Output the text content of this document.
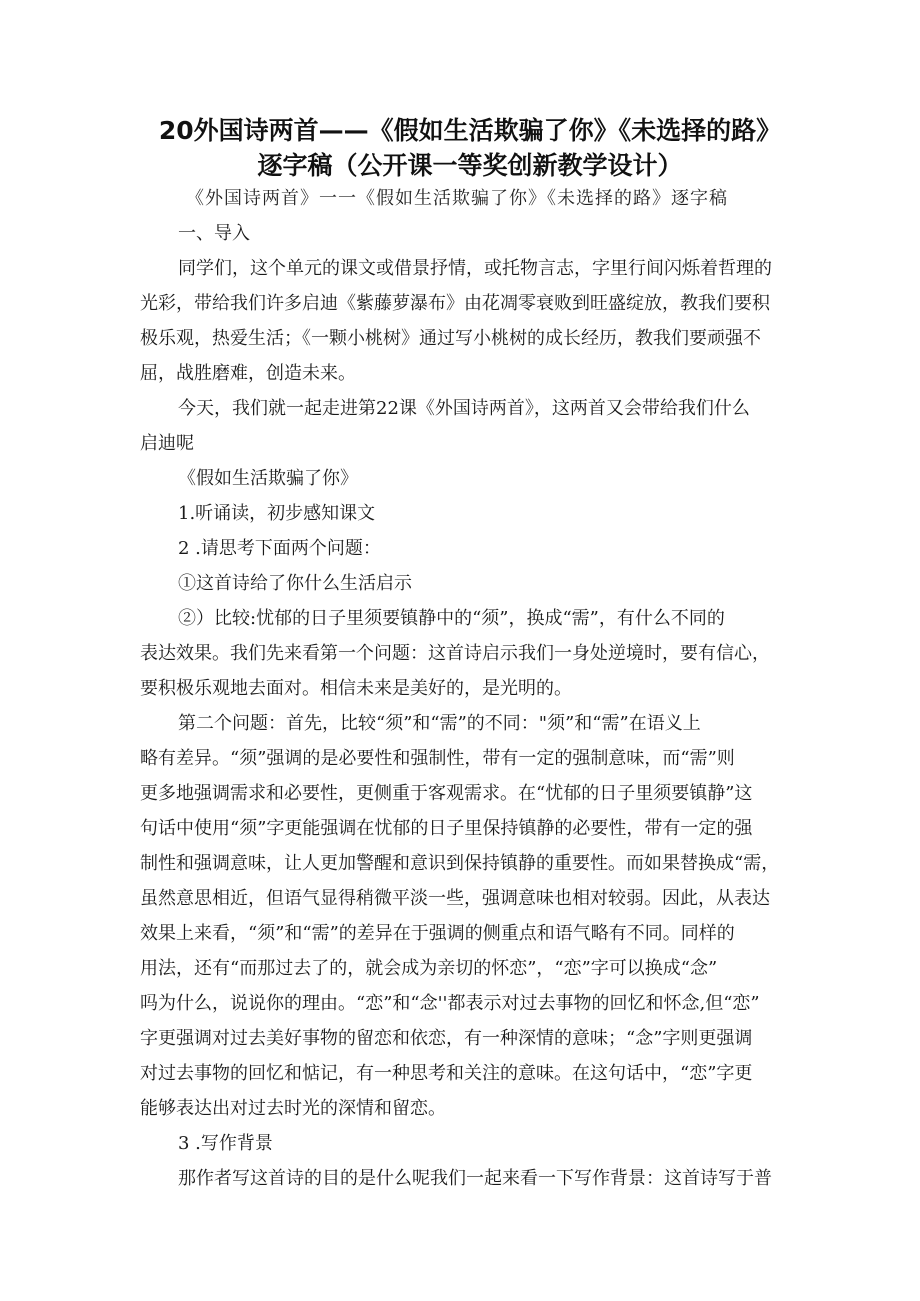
20外国诗两首——《假如生活欺骗了你》《未选择的路》
逐字稿（公开课一等奖创新教学设计）
《外国诗两首》一一《假如生活欺骗了你》《未选择的路》逐字稿
一、导入
同学们，这个单元的课文或借景抒情，或托物言志，字里行间闪烁着哲理的
光彩，带给我们许多启迪《紫藤萝瀑布》由花凋零衰败到旺盛绽放，教我们要积
极乐观，热爱生活；《一颗小桃树》通过写小桃树的成长经历，教我们要顽强不
屈，战胜磨难，创造未来。
今天，我们就一起走进第22课《外国诗两首》，这两首又会带给我们什么
启迪呢
《假如生活欺骗了你》
1.听诵读，初步感知课文
2 .请思考下面两个问题：
①这首诗给了你什么生活启示
②）比较:忧郁的日子里须要镇静中的“须”，换成“需”，有什么不同的
表达效果。我们先来看第一个问题：这首诗启示我们一身处逆境时，要有信心，
要积极乐观地去面对。相信未来是美好的，是光明的。
第二个问题：首先，比较“须”和“需”的不同："须”和“需”在语义上
略有差异。“须”强调的是必要性和强制性，带有一定的强制意味，而“需”则
更多地强调需求和必要性，更侧重于客观需求。在“忧郁的日子里须要镇静”这
句话中使用“须”字更能强调在忧郁的日子里保持镇静的必要性，带有一定的强
制性和强调意味，让人更加警醒和意识到保持镇静的重要性。而如果替换成“需，
虽然意思相近，但语气显得稍微平淡一些，强调意味也相对较弱。因此，从表达
效果上来看，“须”和“需”的差异在于强调的侧重点和语气略有不同。同样的
用法，还有“而那过去了的，就会成为亲切的怀恋”，“恋”字可以换成“念”
吗为什么，说说你的理由。“恋”和“念''都表示对过去事物的回忆和怀念,但“恋”
字更强调对过去美好事物的留恋和依恋，有一种深情的意味；“念”字则更强调
对过去事物的回忆和惦记，有一种思考和关注的意味。在这句话中，“恋”字更
能够表达出对过去时光的深情和留恋。
3 .写作背景
那作者写这首诗的目的是什么呢我们一起来看一下写作背景：这首诗写于普
